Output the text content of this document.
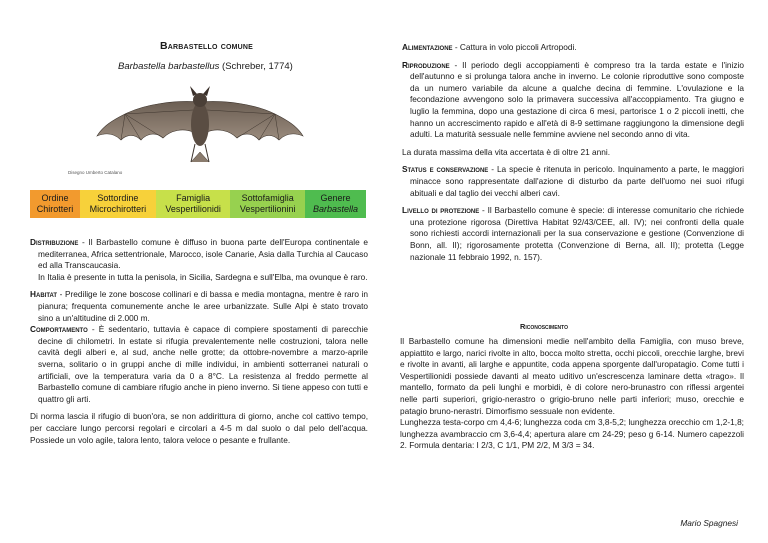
Barbastello comune
Barbastella barbastellus (Schreber, 1774)
Disegno Umberto Catalano
Ordine
Chirotteri

Sottordine
Microchirotteri

Famiglia
Vespertilionidi

Sottofamiglia
Vespertilionini

Genere
Barbastella
Distribuzione - Il Barbastello comune è diffuso in buona parte dell'Europa continentale e mediterranea, Africa settentrionale, Marocco, isole Canarie, Asia dalla Turchia al Caucaso ed alla Transcaucasia.
In Italia è presente in tutta la penisola, in Sicilia, Sardegna e sull'Elba, ma ovunque è raro.
Habitat - Predilige le zone boscose collinari e di bassa e media montagna, mentre è raro in pianura; frequenta comunemente anche le aree urbanizzate. Sulle Alpi è stato trovato sino a un'altitudine di 2.000 m.
Comportamento - È sedentario, tuttavia è capace di compiere spostamenti di parecchie decine di chilometri. In estate si rifugia prevalentemente nelle costruzioni, talora nelle cavità degli alberi e, al sud, anche nelle grotte; da ottobre-novembre a marzo-aprile sverna, solitario o in gruppi anche di mille individui, in ambienti sotterranei naturali o artificiali, ove la temperatura varia da 0 a 8°C. La resistenza al freddo permette al Barbastello comune di cambiare rifugio anche in pieno inverno. Si tiene appeso con tutti e quattro gli arti.
Di norma lascia il rifugio di buon'ora, se non addirittura di giorno, anche col cattivo tempo, per cacciare lungo percorsi regolari e circolari a 4-5 m dal suolo o dal pelo dell'acqua. Possiede un volo agile, talora lento, talora veloce o pesante e frullante.
Alimentazione - Cattura in volo piccoli Artropodi.
Riproduzione - Il periodo degli accoppiamenti è compreso tra la tarda estate e l'inizio dell'autunno e si prolunga talora anche in inverno. Le colonie riproduttive sono composte da un numero variabile da alcune a qualche decina di femmine. L'ovulazione e la fecondazione avvengono solo la primavera successiva all'accoppiamento. Tra giugno e luglio la femmina, dopo una gestazione di circa 6 mesi, partorisce 1 o 2 piccoli inetti, che hanno un accrescimento rapido e all'età di 8-9 settimane raggiungono la dimensione degli adulti. La maturità sessuale nelle femmine avviene nel secondo anno di vita.
La durata massima della vita accertata è di oltre 21 anni.
Status e conservazione - La specie è ritenuta in pericolo. Inquinamento a parte, le maggiori minacce sono rappresentate dall'azione di disturbo da parte dell'uomo nei suoi rifugi abituali e dal taglio dei vecchi alberi cavi.
Livello di protezione - Il Barbastello comune è specie: di interesse comunitario che richiede una protezione rigorosa (Direttiva Habitat 92/43/CEE, all. IV); nei confronti della quale sono richiesti accordi internazionali per la sua conservazione e gestione (Convenzione di Bonn, all. II); rigorosamente protetta (Convenzione di Berna, all. II); protetta (Legge nazionale 11 febbraio 1992, n. 157).
Riconoscimento
Il Barbastello comune ha dimensioni medie nell'ambito della Famiglia, con muso breve, appiattito e largo, narici rivolte in alto, bocca molto stretta, occhi piccoli, orecchie larghe, brevi e rivolte in avanti, ali larghe e appuntite, coda appena sporgente dall'uropatagio. Come tutti i Vespertilionidi possiede davanti al meato uditivo un'escrescenza laminare detta «trago». Il mantello, formato da peli lunghi e morbidi, è di colore nero-brunastro con riflessi argentei nelle parti superiori, grigio-nerastro o grigio-bruno nelle parti inferiori; muso, orecchie e patagio bruno-nerastri. Dimorfismo sessuale non evidente.
Lunghezza testa-corpo cm 4,4-6; lunghezza coda cm 3,8-5,2; lunghezza orecchio cm 1,2-1,8; lunghezza avambraccio cm 3,6-4,4; apertura alare cm 24-29; peso g 6-14. Numero capezzoli 2. Formula dentaria: I 2/3, C 1/1, PM 2/2, M 3/3 = 34.
Mario Spagnesi
